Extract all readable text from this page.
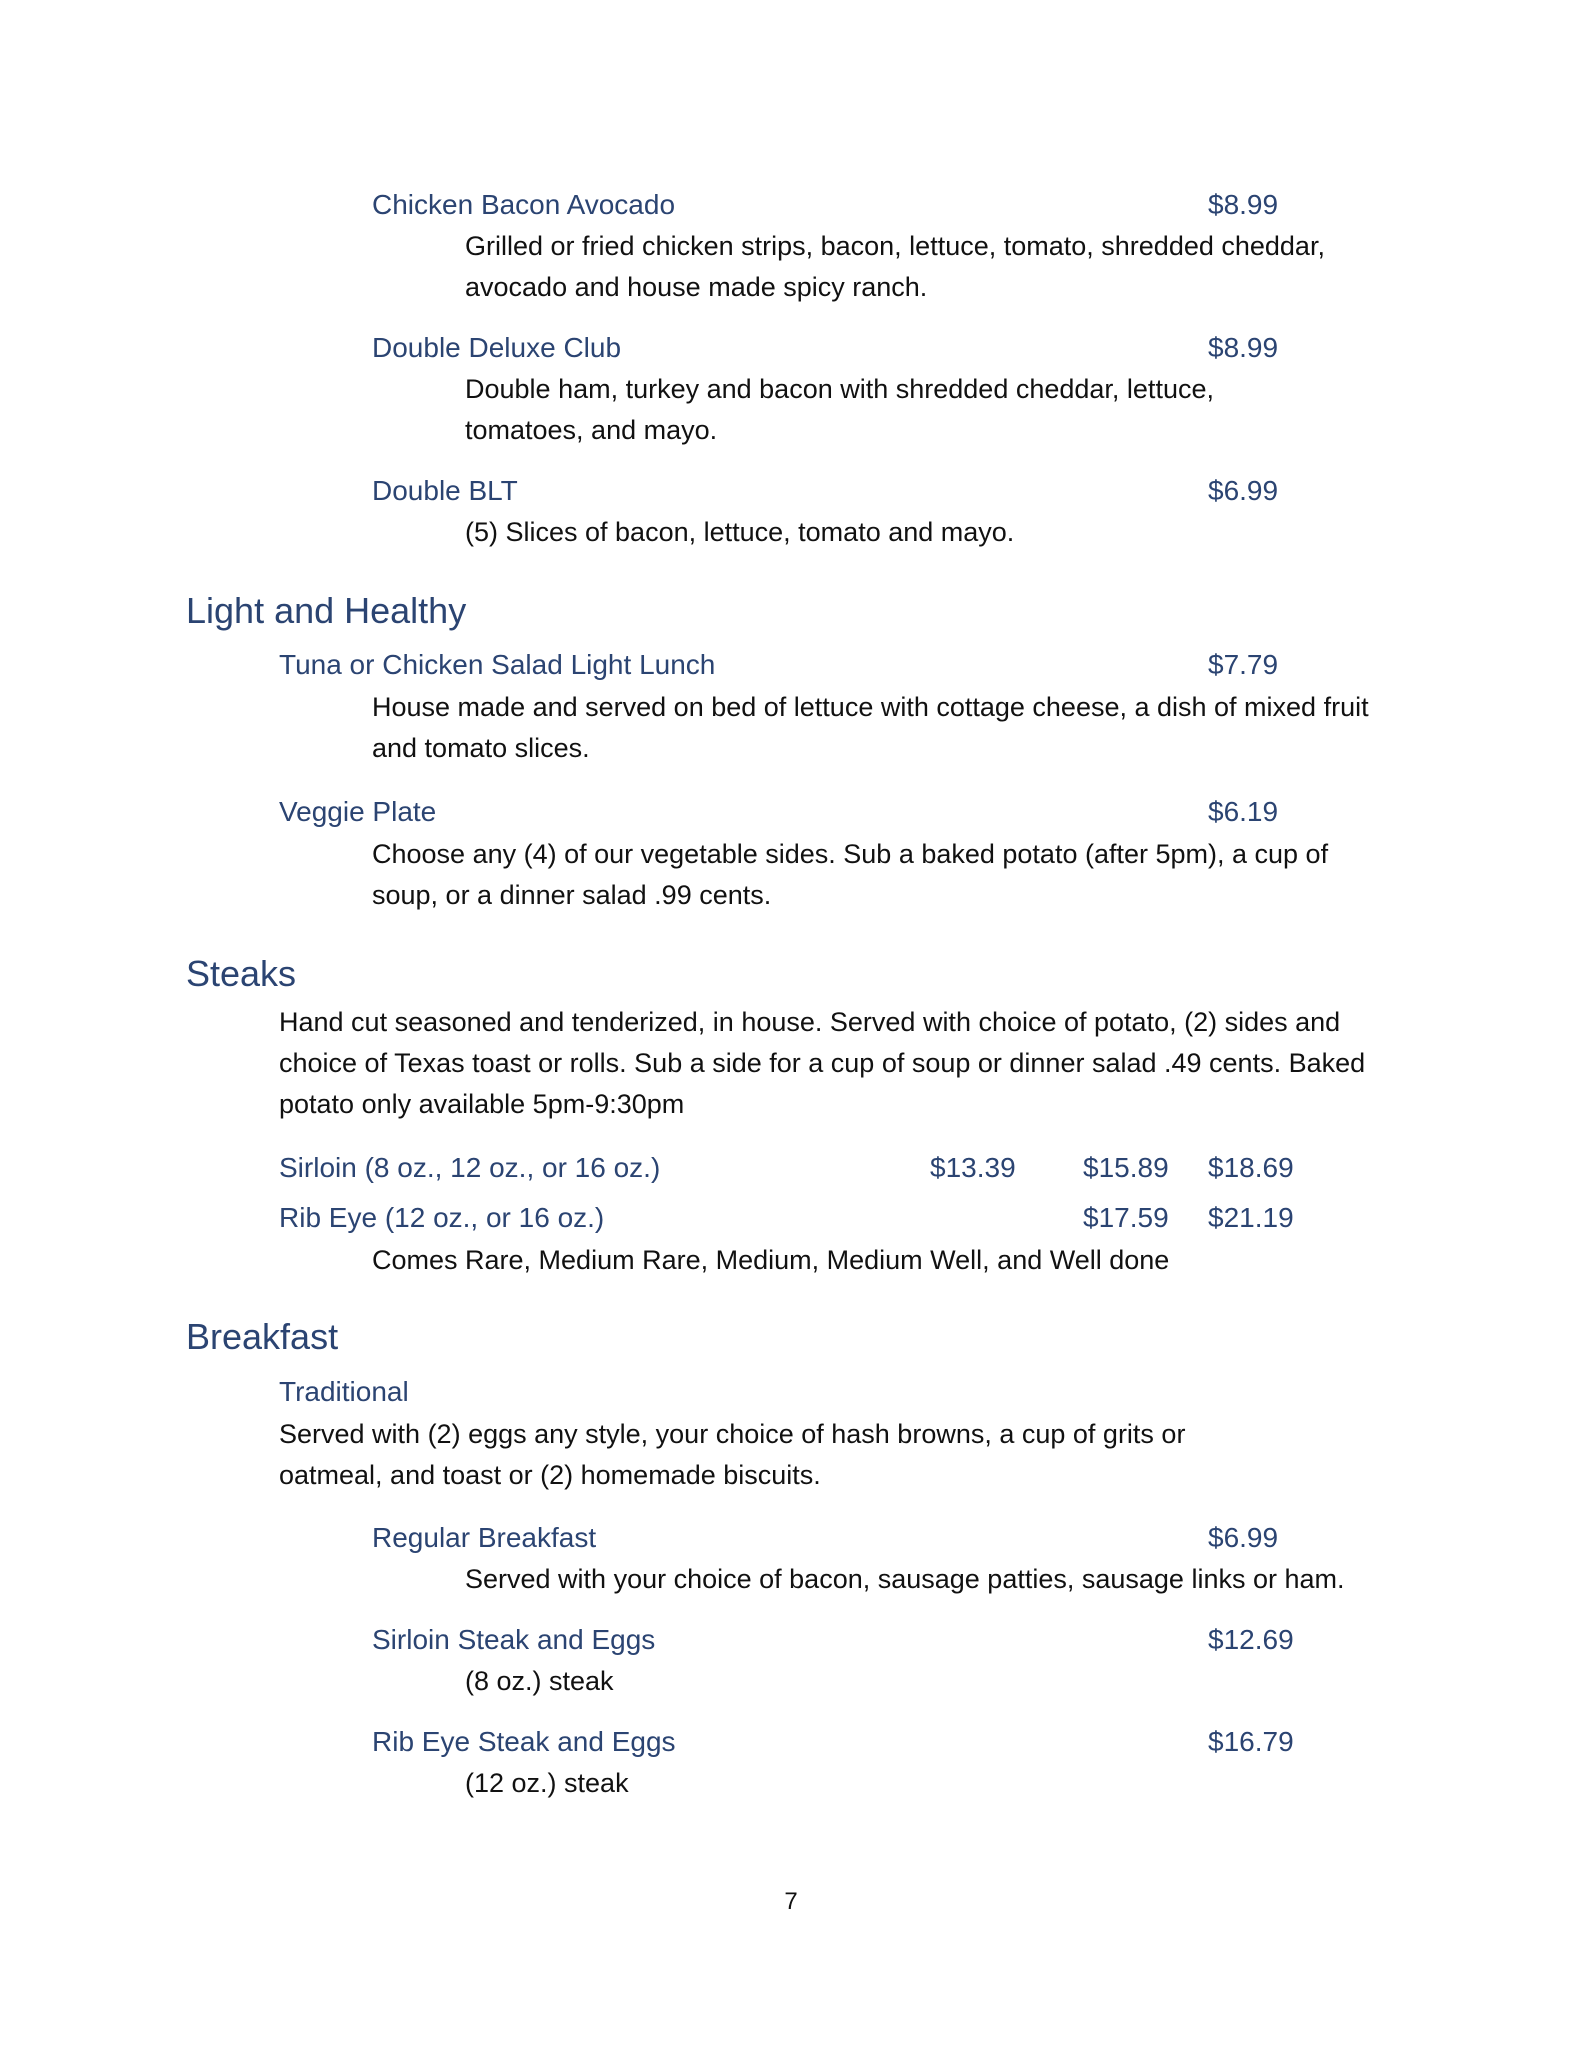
Chicken Bacon Avocado	$8.99
Grilled or fried chicken strips, bacon, lettuce, tomato, shredded cheddar, avocado and house made spicy ranch.
Double Deluxe Club	$8.99
Double ham, turkey and bacon with shredded cheddar, lettuce, tomatoes, and mayo.
Double BLT	$6.99
(5) Slices of bacon, lettuce, tomato and mayo.
Light and Healthy
Tuna or Chicken Salad Light Lunch	$7.79
House made and served on bed of lettuce with cottage cheese, a dish of mixed fruit and tomato slices.
Veggie Plate	$6.19
Choose any (4) of our vegetable sides. Sub a baked potato (after 5pm), a cup of soup, or a dinner salad .99 cents.
Steaks
Hand cut seasoned and tenderized, in house. Served with choice of potato, (2) sides and choice of Texas toast or rolls. Sub a side for a cup of soup or dinner salad .49 cents. Baked potato only available 5pm-9:30pm
Sirloin (8 oz., 12 oz., or 16 oz.)	$13.39 $15.89 $18.69
Rib Eye (12 oz., or 16 oz.)	$17.59 $21.19
Comes Rare, Medium Rare, Medium, Medium Well, and Well done
Breakfast
Traditional
Served with (2) eggs any style, your choice of hash browns, a cup of grits or oatmeal, and toast or (2) homemade biscuits.
Regular Breakfast	$6.99
Served with your choice of bacon, sausage patties, sausage links or ham.
Sirloin Steak and Eggs	$12.69
(8 oz.) steak
Rib Eye Steak and Eggs	$16.79
(12 oz.) steak
7
